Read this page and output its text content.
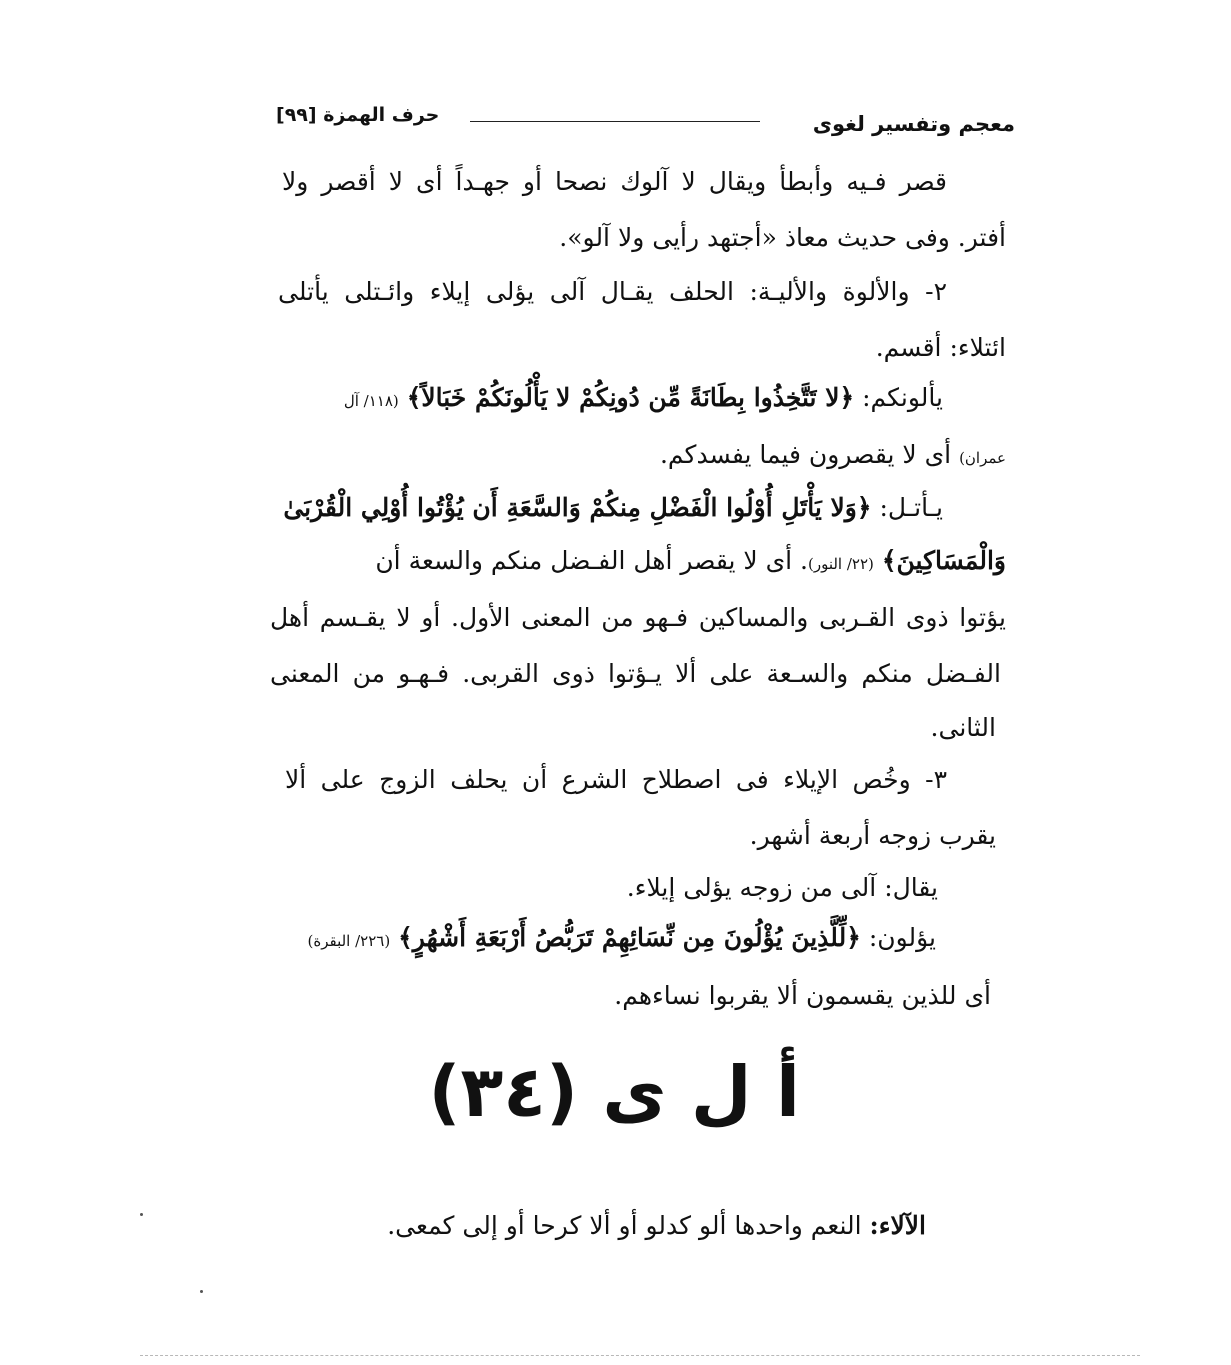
معجم وتفسير لغوى
حرف الهمزة [٩٩]
قصر فـيه وأبطأ ويقال لا آلوك نصحا أو جهـداً أى لا أقصر ولا
أفتر. وفى حديث معاذ «أجتهد رأيى ولا آلو».
٢- والألوة والأليـة: الحلف يقـال آلى يؤلى إيلاء وائـتلى يأتلى
ائتلاء: أقسم.
يألونكم: ﴿لا تَتَّخِذُوا بِطَانَةً مِّن دُونِكُمْ لا يَأْلُونَكُمْ خَبَالاً﴾ (١١٨/ آل
عمران) أى لا يقصرون فيما يفسدكم.
يـأتـل: ﴿وَلا يَأْتَلِ أُوْلُوا الْفَضْلِ مِنكُمْ وَالسَّعَةِ أَن يُؤْتُوا أُوْلِي الْقُرْبَىٰ
وَالْمَسَاكِينَ﴾ (٢٢/ النور). أى لا يقصر أهل الفـضل منكم والسعة أن
يؤتوا ذوى القـربى والمساكين فـهو من المعنى الأول. أو لا يقـسم أهل
الفـضل منكم والسـعة على ألا يـؤتوا ذوى القربى. فـهـو من المعنى
الثانى.
٣- وخُص الإيلاء فى اصطلاح الشرع أن يحلف الزوج على ألا
يقرب زوجه أربعة أشهر.
يقال: آلى من زوجه يؤلى إيلاء.
يؤلون: ﴿لِّلَّذِينَ يُؤْلُونَ مِن نِّسَائِهِمْ تَرَبُّصُ أَرْبَعَةِ أَشْهُرٍ﴾ (٢٢٦/ البقرة)
أى للذين يقسمون ألا يقربوا نساءهم.
أ ل ى (٣٤)
الآلاء: النعم واحدها ألو كدلو أو ألا كرحا أو إلى كمعى.
